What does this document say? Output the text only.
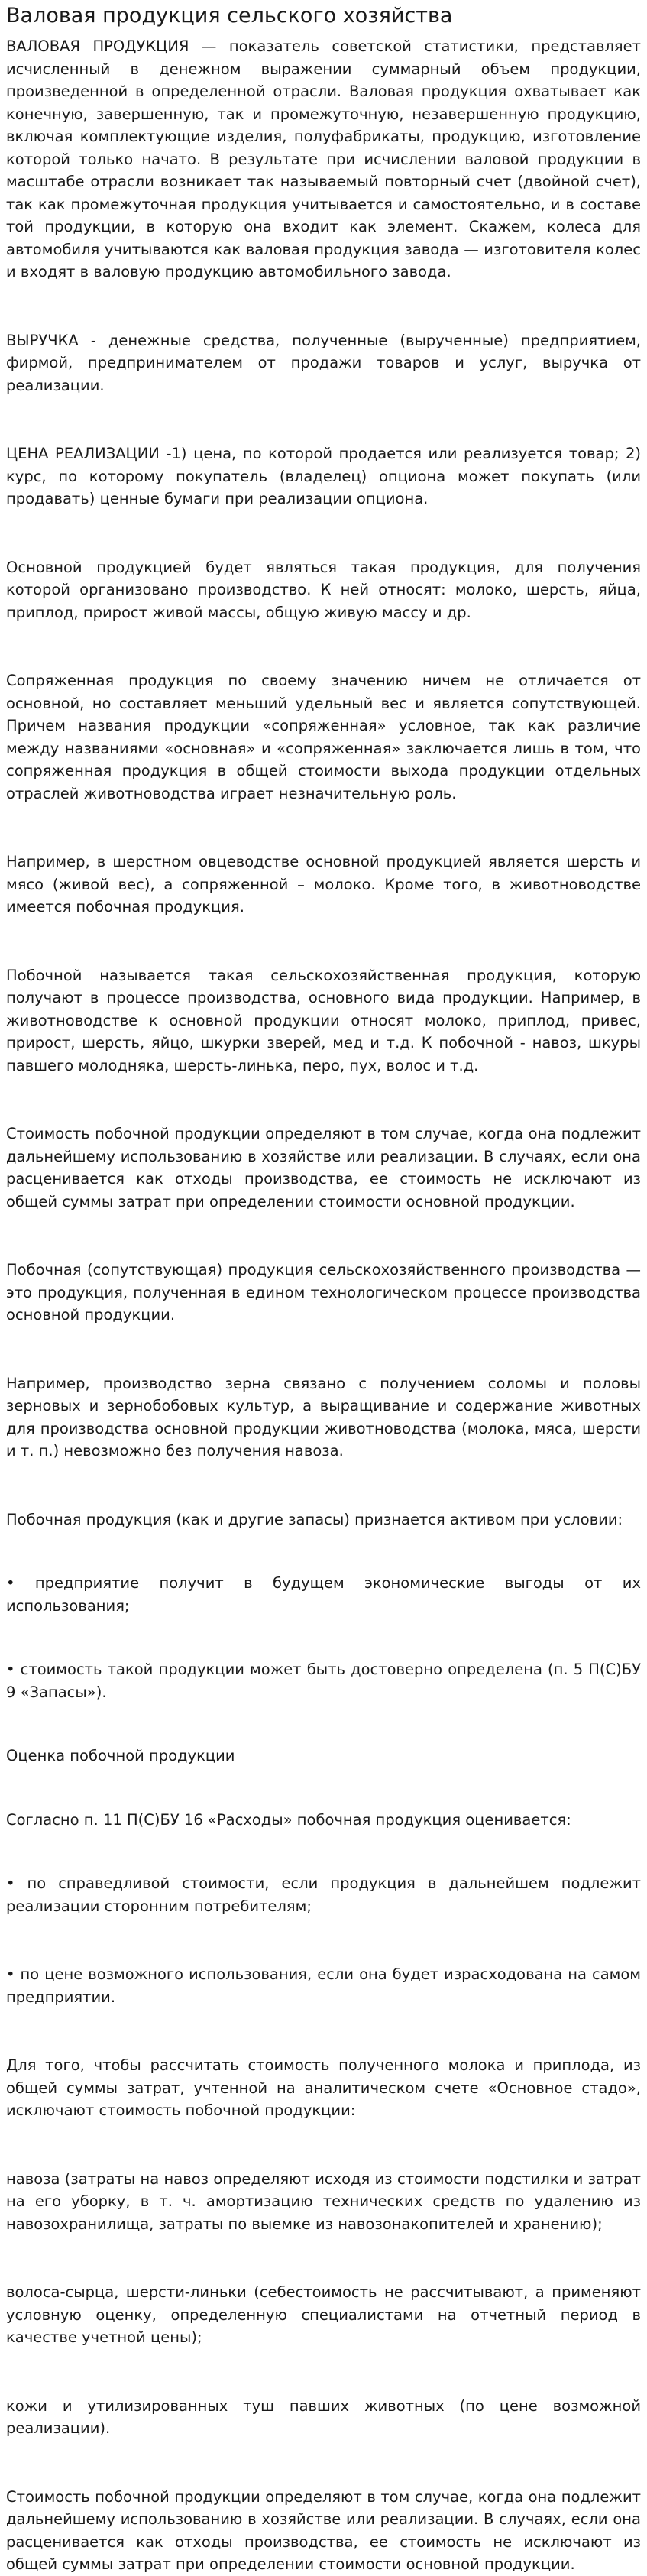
Валовая продукция сельского хозяйства
ВАЛОВАЯ ПРОДУКЦИЯ — показатель советской статистики, представляет исчисленный в денежном выражении суммарный объем продукции, произведенной в определенной отрасли. Валовая продукция охватывает как конечную, завершенную, так и промежуточную, незавершенную продукцию, включая комплектующие изделия, полуфабрикаты, продукцию, изготовление которой только начато. В результате при исчислении валовой продукции в масштабе отрасли возникает так называемый повторный счет (двойной счет), так как промежуточная продукция учитывается и самостоятельно, и в составе той продукции, в которую она входит как элемент. Скажем, колеса для автомобиля учитываются как валовая продукция завода — изготовителя колес и входят в валовую продукцию автомобильного завода.
ВЫРУЧКА - денежные средства, полученные (вырученные) предприятием, фирмой, предпринимателем от продажи товаров и услуг, выручка от реализации.
ЦЕНА РЕАЛИЗАЦИИ -1) цена, по которой продается или реализуется товар; 2) курс, по которому покупатель (владелец) опциона может покупать (или продавать) ценные бумаги при реализации опциона.
Основной продукцией будет являться такая продукция, для получения которой организовано производство. К ней относят: молоко, шерсть, яйца, приплод, прирост живой массы, общую живую массу и др.
Сопряженная продукция по своему значению ничем не отличается от основной, но составляет меньший удельный вес и является сопутствующей. Причем названия продукции «сопряженная» условное, так как различие между названиями «основная» и «сопряженная» заключается лишь в том, что сопряженная продукция в общей стоимости выхода продукции отдельных отраслей животноводства играет незначительную роль.
Например, в шерстном овцеводстве основной продукцией является шерсть и мясо (живой вес), а сопряженной – молоко. Кроме того, в животноводстве имеется побочная продукция.
Побочной называется такая сельскохозяйственная продукция, которую получают в процессе производства, основного вида продукции. Например, в животноводстве к основной продукции относят молоко, приплод, привес, прирост, шерсть, яйцо, шкурки зверей, мед и т.д. К побочной - навоз, шкуры павшего молодняка, шерсть-линька, перо, пух, волос и т.д.
Стоимость побочной продукции определяют в том случае, когда она подлежит дальнейшему использованию в хозяйстве или реализации. В случаях, если она расценивается как отходы производства, ее стоимость не исключают из общей суммы затрат при определении стоимости основной продукции.
Побочная (сопутствующая) продукция сельскохозяйственного производства — это продукция, полученная в едином технологическом процессе производства основной продукции.
Например, производство зерна связано с получением соломы и половы зерновых и зернобобовых культур, а выращивание и содержание животных для производства основной продукции животноводства (молока, мяса, шерсти и т. п.) невозможно без получения навоза.
Побочная продукция (как и другие запасы) признается активом при условии:
• предприятие получит в будущем экономические выгоды от их использования;
• стоимость такой продукции может быть достоверно определена (п. 5 П(С)БУ 9 «Запасы»).
Оценка побочной продукции
Согласно п. 11 П(С)БУ 16 «Расходы» побочная продукция оценивается:
• по справедливой стоимости, если продукция в дальнейшем подлежит реализации сторонним потребителям;
• по цене возможного использования, если она будет израсходована на самом предприятии.
Для того, чтобы рассчитать стоимость полученного молока и приплода, из общей суммы затрат, учтенной на аналитическом счете «Основное стадо», исключают стоимость побочной продукции:
навоза (затраты на навоз определяют исходя из стоимости подстилки и затрат на его уборку, в т. ч. амортизацию технических средств по удалению из навозохранилища, затраты по выемке из навозонакопителей и хранению);
волоса-сырца, шерсти-линьки (себестоимость не рассчитывают, а применяют условную оценку, определенную специалистами на отчетный период в качестве учетной цены);
кожи и утилизированных туш павших животных (по цене возможной реализации).
Стоимость побочной продукции определяют в том случае, когда она подлежит дальнейшему использованию в хозяйстве или реализации. В случаях, если она расценивается как отходы производства, ее стоимость не исключают из общей суммы затрат при определении стоимости основной продукции.
